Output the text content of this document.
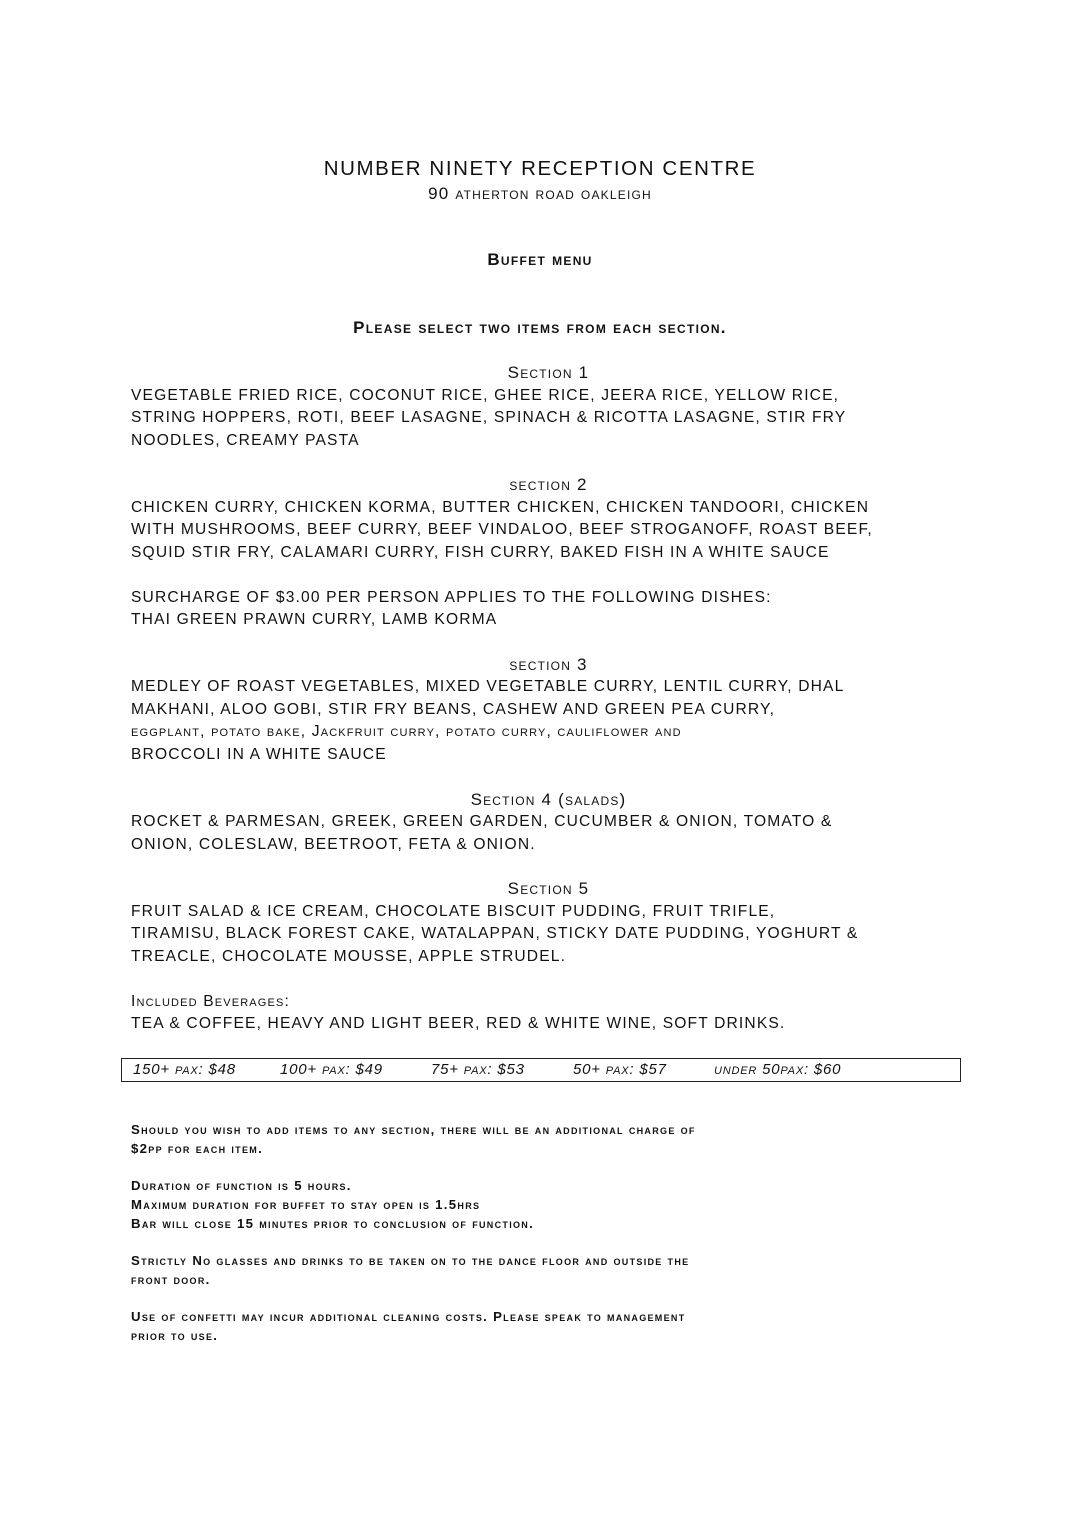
NUMBER NINETY RECEPTION CENTRE
90 atherton road oakleigh
Buffet menu
Please select two items from each section.

Section 1

VEGETABLE FRIED RICE, COCONUT RICE, GHEE RICE, JEERA RICE, YELLOW RICE,

STRING HOPPERS, ROTI, BEEF LASAGNE, SPINACH & RICOTTA LASAGNE, STIR FRY

NOODLES, CREAMY PASTA

section 2

CHICKEN CURRY, CHICKEN KORMA, BUTTER CHICKEN, CHICKEN TANDOORI, CHICKEN

WITH MUSHROOMS, BEEF CURRY, BEEF VINDALOO, BEEF STROGANOFF, ROAST BEEF,

SQUID STIR FRY, CALAMARI CURRY, FISH CURRY, BAKED FISH IN A WHITE SAUCE

SURCHARGE OF $3.00 PER PERSON APPLIES TO THE FOLLOWING DISHES:

THAI GREEN PRAWN CURRY, LAMB KORMA

section 3

MEDLEY OF ROAST VEGETABLES, MIXED VEGETABLE CURRY, LENTIL CURRY, DHAL

MAKHANI, ALOO GOBI, STIR FRY BEANS, CASHEW AND GREEN PEA CURRY,

eggplant, potato bake, Jackfruit curry, potato curry, cauliflower and

BROCCOLI IN A WHITE SAUCE

Section 4 (salads)

ROCKET & PARMESAN, GREEK, GREEN GARDEN, CUCUMBER & ONION, TOMATO &

ONION, COLESLAW, BEETROOT, FETA & ONION.

Section 5

FRUIT SALAD & ICE CREAM, CHOCOLATE BISCUIT PUDDING, FRUIT TRIFLE,

TIRAMISU, BLACK FOREST CAKE, WATALAPPAN, STICKY DATE PUDDING, YOGHURT &

TREACLE, CHOCOLATE MOUSSE, APPLE STRUDEL.

Included Beverages:

TEA & COFFEE, HEAVY AND LIGHT BEER, RED & WHITE WINE, SOFT DRINKS.

150+ pax: $48	100+ pax: $49	75+ pax: $53	50+ pax: $57	under 50pax: $60

Should you wish to add items to any section, there will be an additional charge of

$2pp for each item.

Duration of function is 5 hours.

Maximum duration for buffet to stay open is 1.5hrs

Bar will close 15 minutes prior to conclusion of function.

Strictly No glasses and drinks to be taken on to the dance floor and outside the

front door.

Use of confetti may incur additional cleaning costs. Please speak to management

prior to use.
